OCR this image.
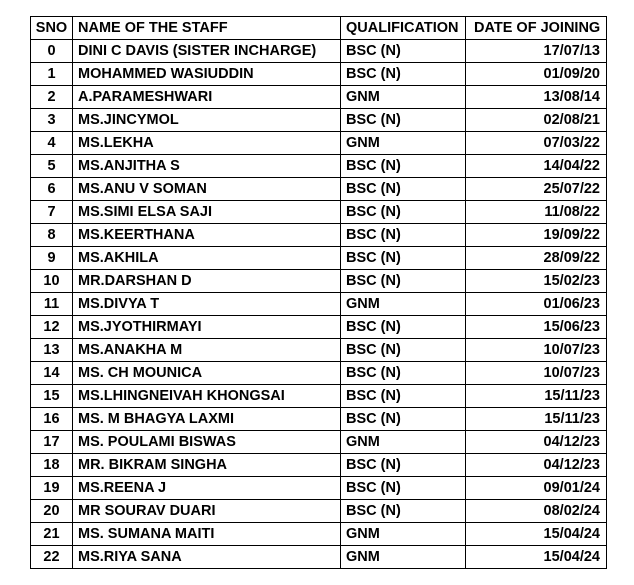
SNO	NAME OF THE STAFF	QUALIFICATION	DATE OF JOINING
0	DINI C DAVIS (SISTER INCHARGE)	BSC (N)	17/07/13
1	MOHAMMED WASIUDDIN	BSC (N)	01/09/20
2	A.PARAMESHWARI	GNM	13/08/14
3	MS.JINCYMOL	BSC (N)	02/08/21
4	MS.LEKHA	GNM	07/03/22
5	MS.ANJITHA S	BSC (N)	14/04/22
6	MS.ANU V SOMAN	BSC (N)	25/07/22
7	MS.SIMI ELSA SAJI	BSC (N)	11/08/22
8	MS.KEERTHANA	BSC (N)	19/09/22
9	MS.AKHILA	BSC (N)	28/09/22
10	MR.DARSHAN D	BSC (N)	15/02/23
11	MS.DIVYA T	GNM	01/06/23
12	MS.JYOTHIRMAYI	BSC (N)	15/06/23
13	MS.ANAKHA M	BSC (N)	10/07/23
14	MS. CH MOUNICA	BSC (N)	10/07/23
15	MS.LHINGNEIVAH KHONGSAI	BSC (N)	15/11/23
16	MS. M BHAGYA LAXMI	BSC (N)	15/11/23
17	MS. POULAMI BISWAS	GNM	04/12/23
18	MR. BIKRAM SINGHA	BSC (N)	04/12/23
19	MS.REENA J	BSC (N)	09/01/24
20	MR SOURAV DUARI	BSC (N)	08/02/24
21	MS. SUMANA MAITI	GNM	15/04/24
22	MS.RIYA SANA	GNM	15/04/24
